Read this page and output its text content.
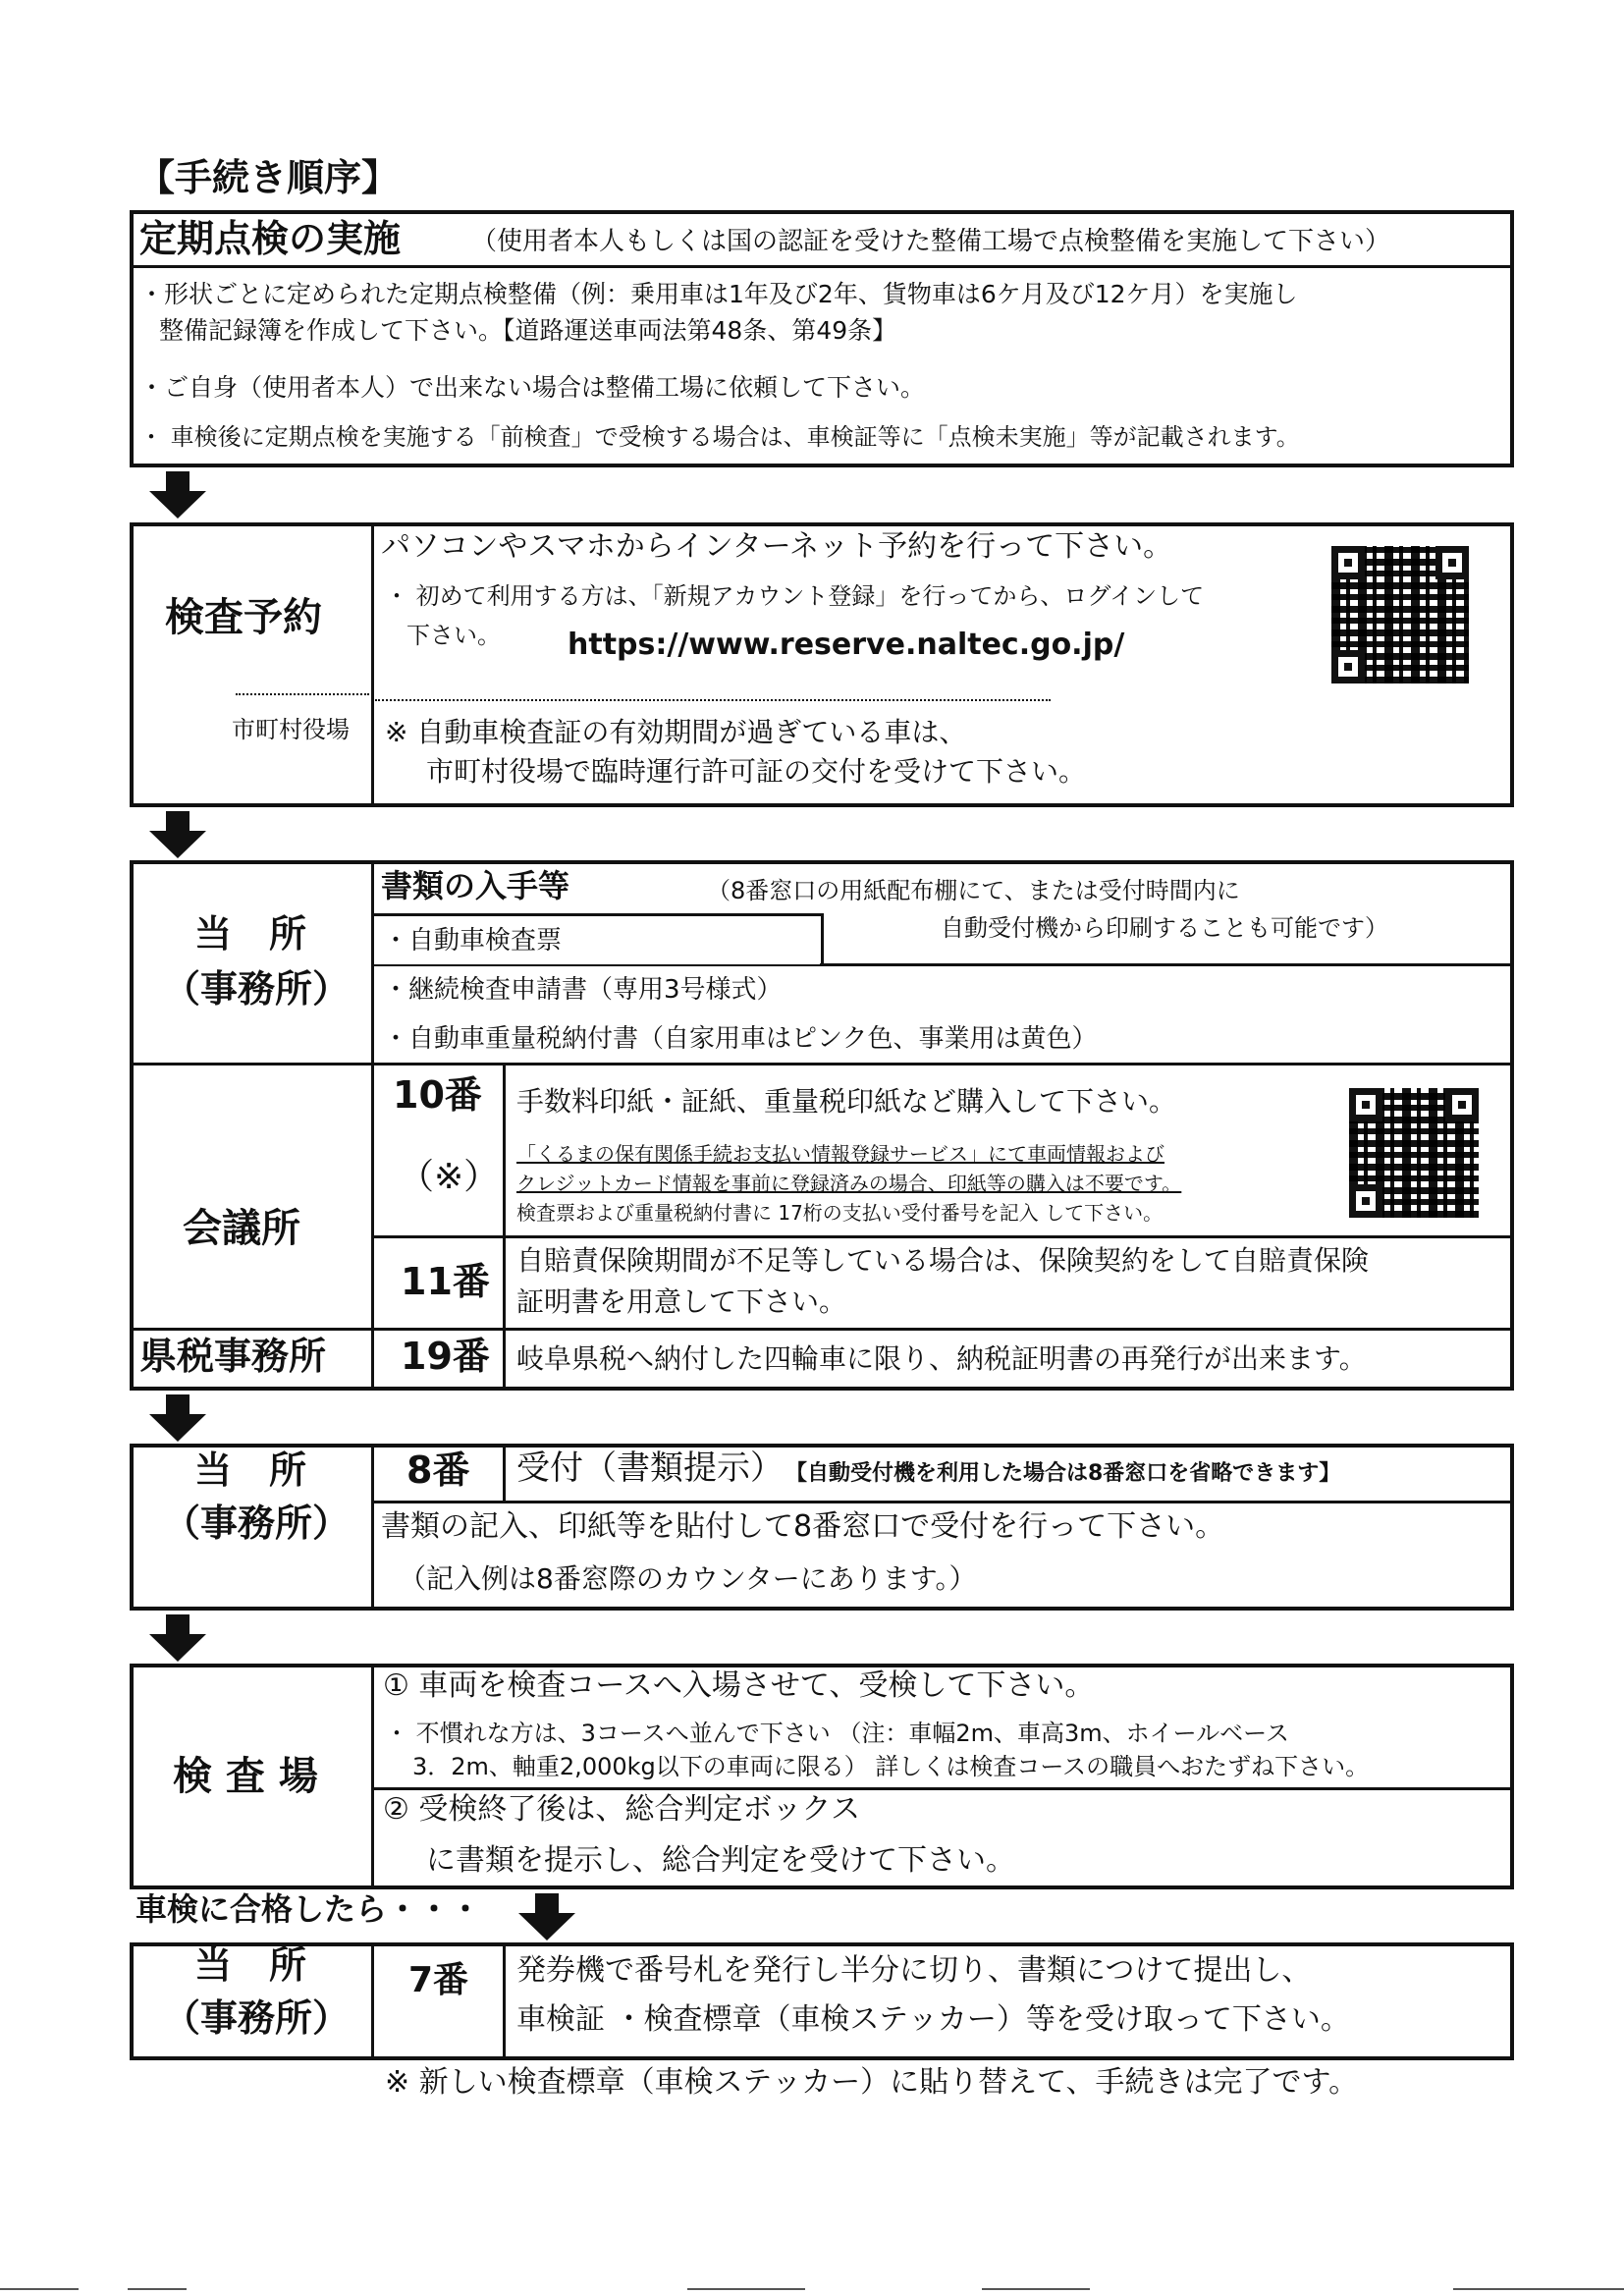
【手続き順序】
定期点検の実施	（使用者本人もしくは国の認証を受けた整備工場で点検整備を実施して下さい）
・形状ごとに定められた定期点検整備（例：乗用車は1年及び2年、貨物車は6ケ月及び12ケ月）を実施し
整備記録簿を作成して下さい。【道路運送車両法第48条、第49条】
・ご自身（使用者本人）で出来ない場合は整備工場に依頼して下さい。
・ 車検後に定期点検を実施する「前検査」で受検する場合は、車検証等に「点検未実施」等が記載されます。
検査予約
市町村役場
パソコンやスマホからインターネット予約を行って下さい。
・ 初めて利用する方は、「新規アカウント登録」を行ってから、ログインして
下さい。 https://www.reserve.naltec.go.jp/
※ 自動車検査証の有効期間が過ぎている車は、
市町村役場で臨時運行許可証の交付を受けて下さい。
当　所
（事務所）
書類の入手等	（8番窓口の用紙配布棚にて、または受付時間内に
自動受付機から印刷することも可能です）
・自動車検査票
・継続検査申請書（専用3号様式）
・自動車重量税納付書（自家用車はピンク色、事業用は黄色）
会議所
10番
（※）
手数料印紙・証紙、重量税印紙など購入して下さい。
「くるまの保有関係手続お支払い情報登録サービス」にて車両情報および
クレジットカード情報を事前に登録済みの場合、印紙等の購入は不要です。
検査票および重量税納付書に 17桁の支払い受付番号を記入 して下さい。
11番 自賠責保険期間が不足等している場合は、保険契約をして自賠責保険
証明書を用意して下さい。
県税事務所 19番 岐阜県税へ納付した四輪車に限り、納税証明書の再発行が出来ます。
当　所
（事務所）
8番 受付（書類提示） 【自動受付機を利用した場合は8番窓口を省略できます】
書類の記入、印紙等を貼付して8番窓口で受付を行って下さい。
（記入例は8番窓際のカウンターにあります。）
検 査 場
① 車両を検査コースへ入場させて、受検して下さい。
・ 不慣れな方は、3コースへ並んで下さい （注：車幅2m、車高3m、ホイールベース
3．2m、軸重2,000kg以下の車両に限る） 詳しくは検査コースの職員へおたずね下さい。
② 受検終了後は、総合判定ボックス
に書類を提示し、総合判定を受けて下さい。
車検に合格したら・・・
当　所
（事務所）
7番 発券機で番号札を発行し半分に切り、書類につけて提出し、
車検証 ・検査標章（車検ステッカー）等を受け取って下さい。
※ 新しい検査標章（車検ステッカー）に貼り替えて、手続きは完了です。
